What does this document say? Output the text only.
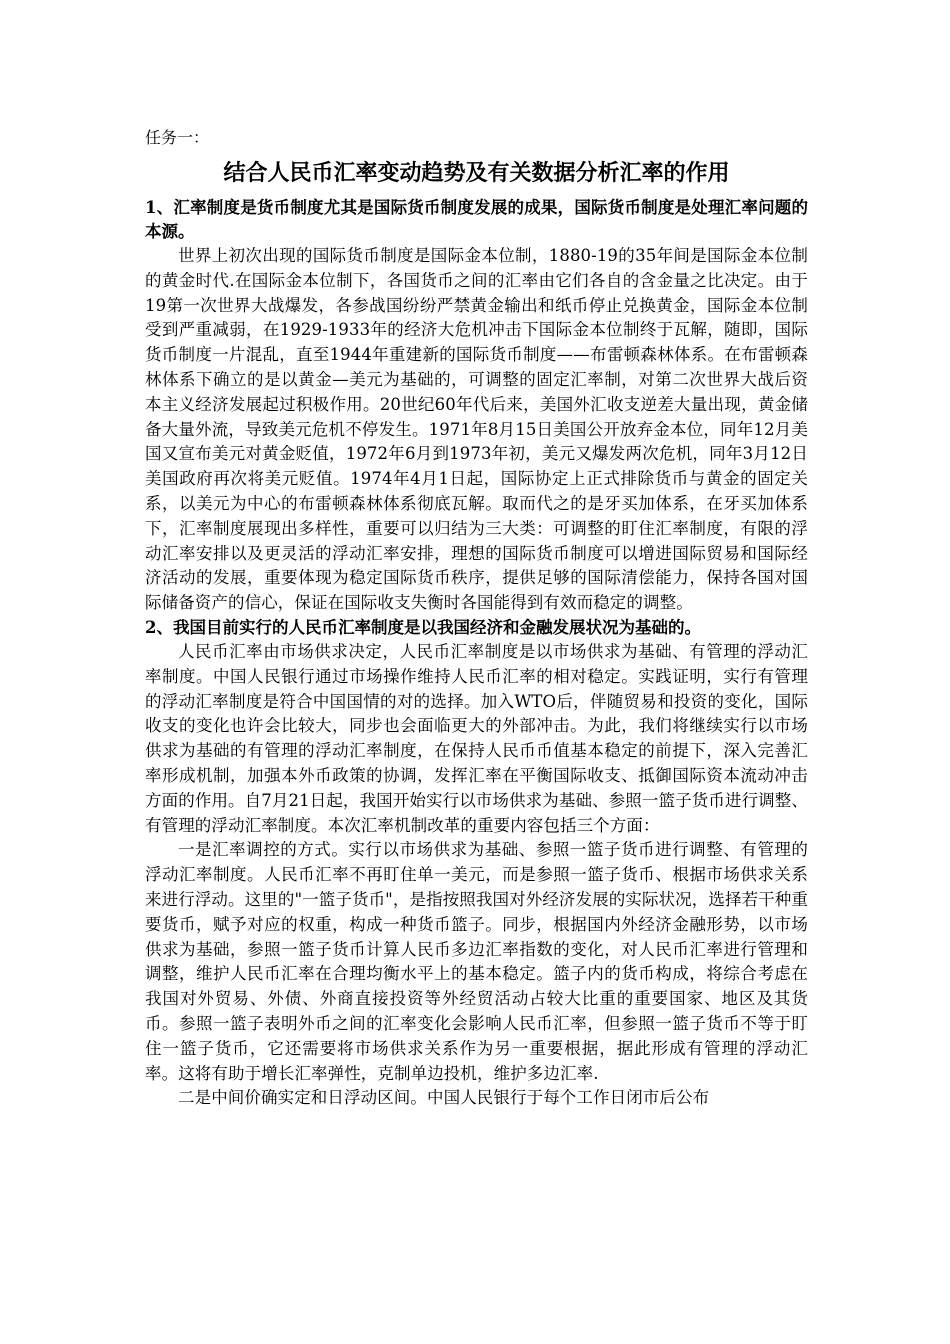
任务一：

结合人民币汇率变动趋势及有关数据分析汇率的作用
1、汇率制度是货币制度尤其是国际货币制度发展的成果，国际货币制度是处理汇率问题的本源。

世界上初次出现的国际货币制度是国际金本位制，1880-19的35年间是国际金本位制的黄金时代.在国际金本位制下，各国货币之间的汇率由它们各自的含金量之比决定。由于19第一次世界大战爆发，各参战国纷纷严禁黄金输出和纸币停止兑换黄金，国际金本位制受到严重减弱，在1929-1933年的经济大危机冲击下国际金本位制终于瓦解，随即，国际货币制度一片混乱，直至1944年重建新的国际货币制度——布雷顿森林体系。在布雷顿森林体系下确立的是以黄金—美元为基础的，可调整的固定汇率制，对第二次世界大战后资本主义经济发展起过积极作用。20世纪60年代后来，美国外汇收支逆差大量出现，黄金储备大量外流，导致美元危机不停发生。1971年8月15日美国公开放弃金本位，同年12月美国又宣布美元对黄金贬值，1972年6月到1973年初，美元又爆发两次危机，同年3月12日美国政府再次将美元贬值。1974年4月1日起，国际协定上正式排除货币与黄金的固定关系，以美元为中心的布雷顿森林体系彻底瓦解。取而代之的是牙买加体系，在牙买加体系下，汇率制度展现出多样性，重要可以归结为三大类：可调整的盯住汇率制度，有限的浮动汇率安排以及更灵活的浮动汇率安排，理想的国际货币制度可以增进国际贸易和国际经济活动的发展，重要体现为稳定国际货币秩序，提供足够的国际清偿能力，保持各国对国际储备资产的信心，保证在国际收支失衡时各国能得到有效而稳定的调整。

2、我国目前实行的人民币汇率制度是以我国经济和金融发展状况为基础的。

人民币汇率由市场供求决定，人民币汇率制度是以市场供求为基础、有管理的浮动汇率制度。中国人民银行通过市场操作维持人民币汇率的相对稳定。实践证明，实行有管理的浮动汇率制度是符合中国国情的对的选择。加入WTO后，伴随贸易和投资的变化，国际收支的变化也许会比较大，同步也会面临更大的外部冲击。为此，我们将继续实行以市场供求为基础的有管理的浮动汇率制度，在保持人民币币值基本稳定的前提下，深入完善汇率形成机制，加强本外币政策的协调，发挥汇率在平衡国际收支、抵御国际资本流动冲击方面的作用。自7月21日起，我国开始实行以市场供求为基础、参照一篮子货币进行调整、有管理的浮动汇率制度。本次汇率机制改革的重要内容包括三个方面：

一是汇率调控的方式。实行以市场供求为基础、参照一篮子货币进行调整、有管理的浮动汇率制度。人民币汇率不再盯住单一美元，而是参照一篮子货币、根据市场供求关系来进行浮动。这里的"一篮子货币"，是指按照我国对外经济发展的实际状况，选择若干种重要货币，赋予对应的权重，构成一种货币篮子。同步，根据国内外经济金融形势，以市场供求为基础，参照一篮子货币计算人民币多边汇率指数的变化，对人民币汇率进行管理和调整，维护人民币汇率在合理均衡水平上的基本稳定。篮子内的货币构成，将综合考虑在我国对外贸易、外债、外商直接投资等外经贸活动占较大比重的重要国家、地区及其货币。参照一篮子表明外币之间的汇率变化会影响人民币汇率，但参照一篮子货币不等于盯住一篮子货币，它还需要将市场供求关系作为另一重要根据，据此形成有管理的浮动汇率。这将有助于增长汇率弹性，克制单边投机，维护多边汇率.

二是中间价确实定和日浮动区间。中国人民银行于每个工作日闭市后公布
